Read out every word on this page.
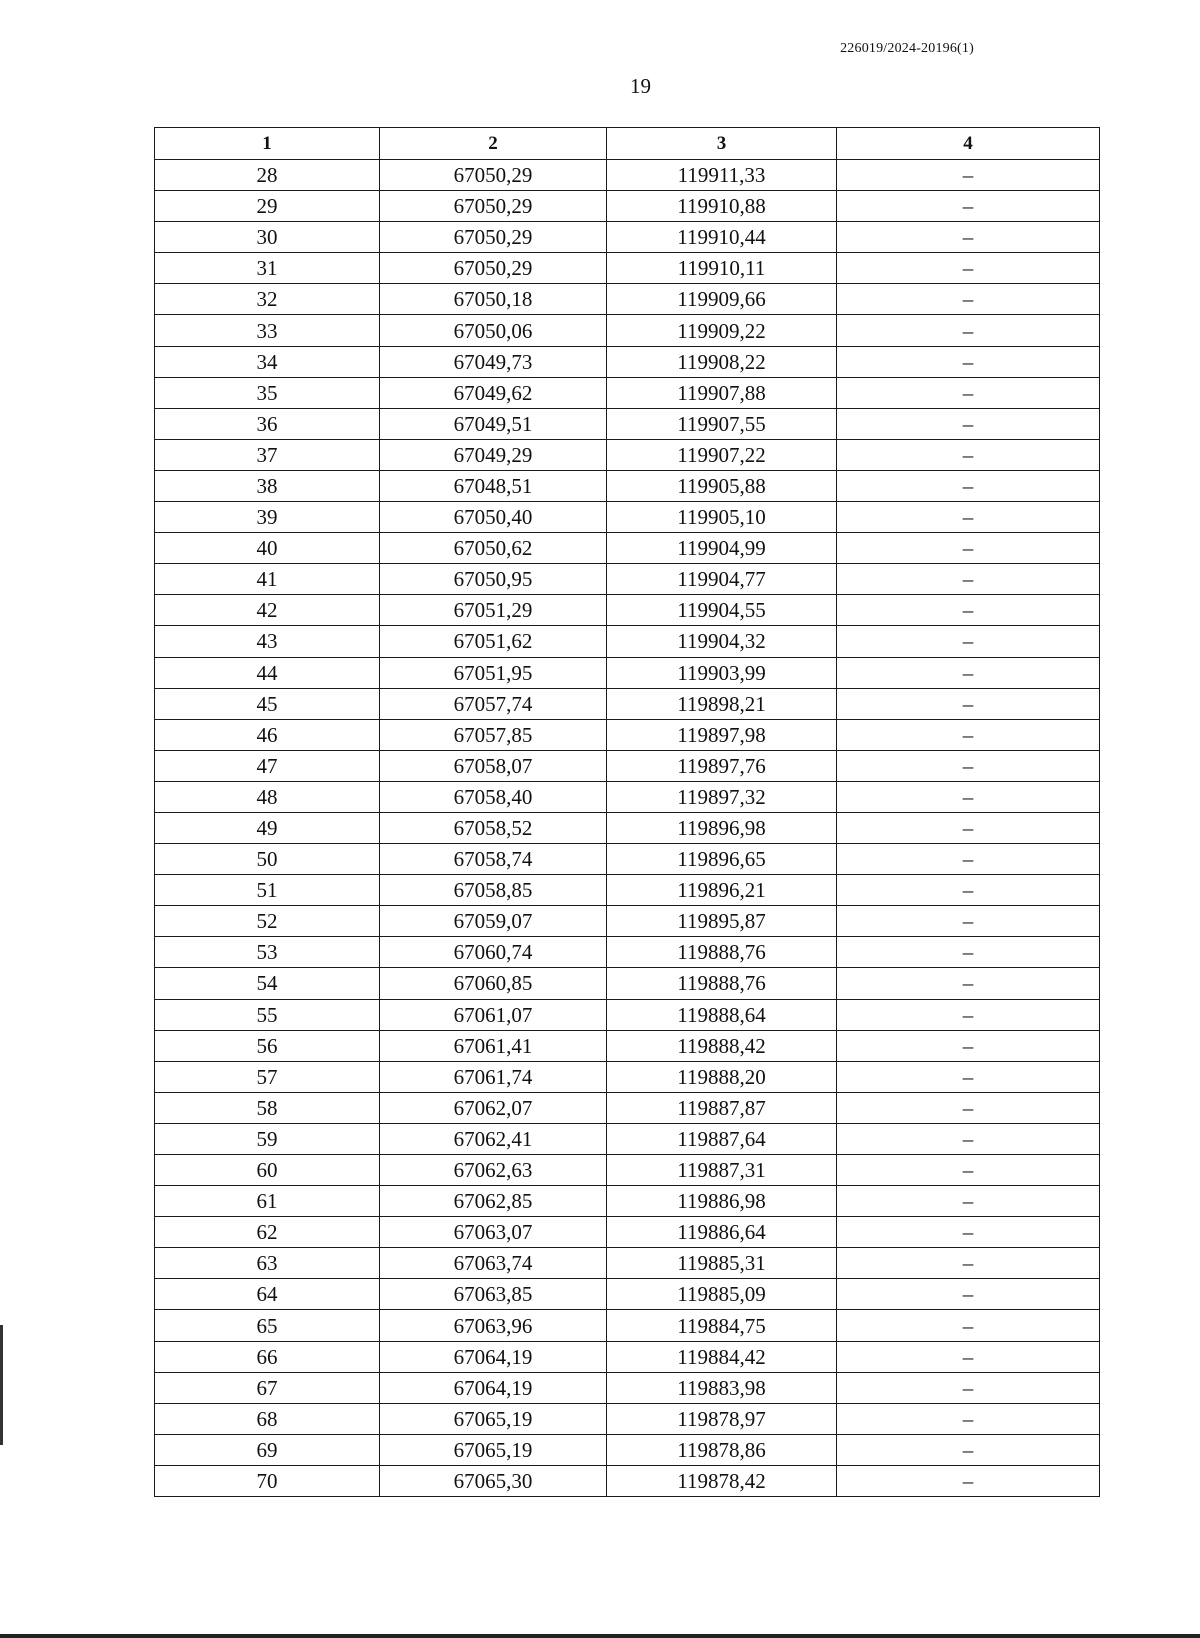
226019/2024-20196(1)
19
1	2	3	4
28	67050,29	119911,33	–
29	67050,29	119910,88	–
30	67050,29	119910,44	–
31	67050,29	119910,11	–
32	67050,18	119909,66	–
33	67050,06	119909,22	–
34	67049,73	119908,22	–
35	67049,62	119907,88	–
36	67049,51	119907,55	–
37	67049,29	119907,22	–
38	67048,51	119905,88	–
39	67050,40	119905,10	–
40	67050,62	119904,99	–
41	67050,95	119904,77	–
42	67051,29	119904,55	–
43	67051,62	119904,32	–
44	67051,95	119903,99	–
45	67057,74	119898,21	–
46	67057,85	119897,98	–
47	67058,07	119897,76	–
48	67058,40	119897,32	–
49	67058,52	119896,98	–
50	67058,74	119896,65	–
51	67058,85	119896,21	–
52	67059,07	119895,87	–
53	67060,74	119888,76	–
54	67060,85	119888,76	–
55	67061,07	119888,64	–
56	67061,41	119888,42	–
57	67061,74	119888,20	–
58	67062,07	119887,87	–
59	67062,41	119887,64	–
60	67062,63	119887,31	–
61	67062,85	119886,98	–
62	67063,07	119886,64	–
63	67063,74	119885,31	–
64	67063,85	119885,09	–
65	67063,96	119884,75	–
66	67064,19	119884,42	–
67	67064,19	119883,98	–
68	67065,19	119878,97	–
69	67065,19	119878,86	–
70	67065,30	119878,42	–
